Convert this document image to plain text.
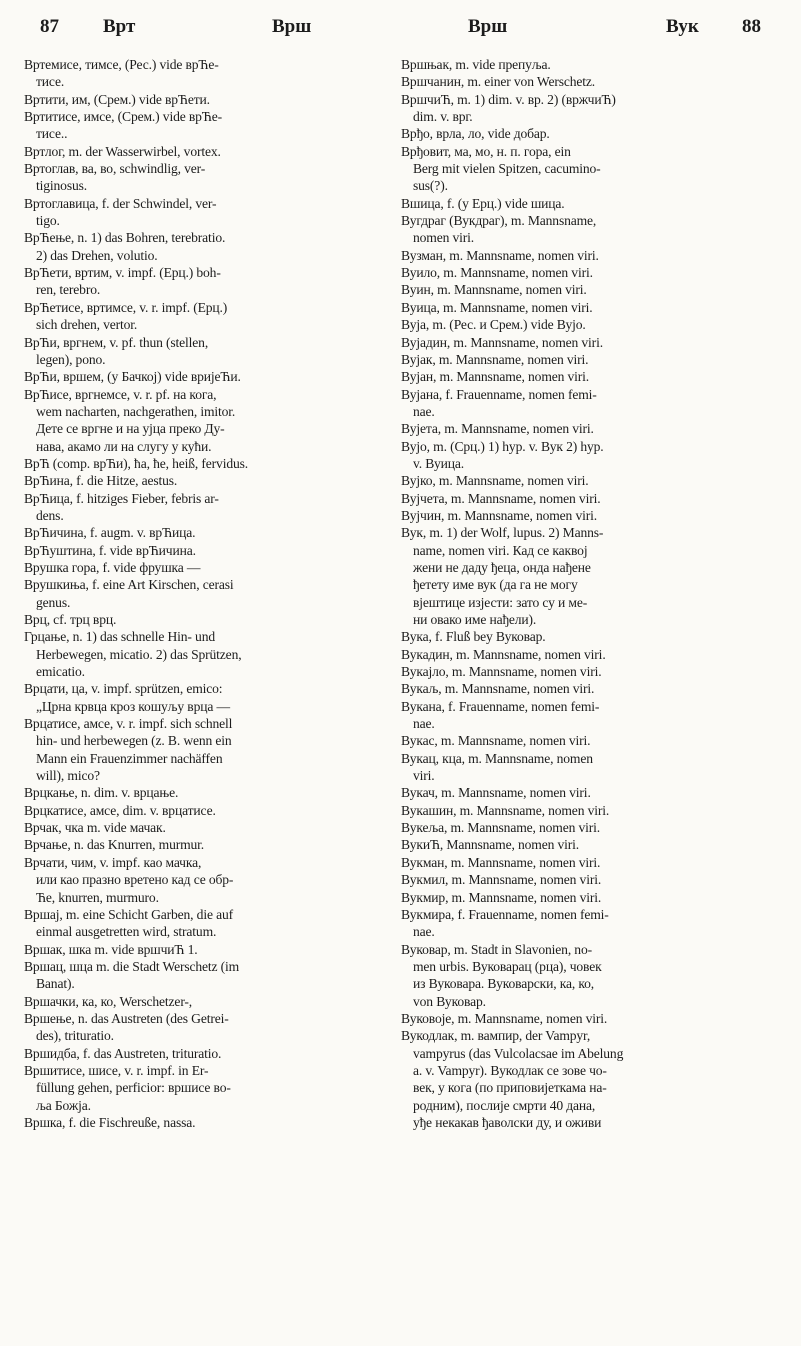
87 Врт	Врш	Врш	Вук 88
Вртемисе, тимсе, (Рес.) vide врЋе-
тисе.
Вртити, им, (Срем.) vide врЋети.
Вртитисе, имсе, (Срем.) vide врЋе-
тисе..
Вртлог, m. der Wasserwirbel, vortex.
Вртоглав, ва, во, schwindlig, ver-
tiginosus.
Вртоглавица, f. der Schwindel, ver-
tigo.
ВрЋење, n. 1) das Bohren, terebratio.
2) das Drehen, volutio.
ВрЋети, вртим, v. impf. (Ерц.) boh-
ren, terebro.
ВрЋетисе, вртимсе, v. r. impf. (Ерц.)
sich drehen, vertor.
ВрЋи, вргнем, v. pf. thun (stellen,
legen), pono.
ВрЋи, вршем, (у Бачкој) vide вријеЋи.
ВрЋисе, вргнемсе, v. r. pf. на кога,
wem nacharten, nachgerathen, imitor.
Дете се вргне и на ујца преко Ду-
нава, акамо ли на слугу у кући.
ВрЋ (comp. врЋи), ћа, ће, heiß, fervidus.
ВрЋина, f. die Hitze, aestus.
ВрЋица, f. hitziges Fieber, febris ar-
dens.
ВрЋичина, f. augm. v. врЋица.
ВрЋуштина, f. vide врЋичина.
Врушка гора, f. vide фрушка —
Врушкиња, f. eine Art Kirschen, cerasi
genus.
Врц, cf. трц врц.
Грцање, n. 1) das schnelle Hin- und
Herbewegen, micatio. 2) das Sprützen,
emicatio.
Врцати, ца, v. impf. sprützen, emico:
„Црна крвца кроз кошуљу врца —
Врцатисе, амсе, v. r. impf. sich schnell
hin- und herbewegen (z. B. wenn ein
Mann ein Frauenzimmer nachäffen
will), mico?
Врцкање, n. dim. v. врцање.
Врцкатисе, амсе, dim. v. врцатисе.
Врчак, чка m. vide мачак.
Врчање, n. das Knurren, murmur.
Врчати, чим, v. impf. као мачка,
или као празно вретено кад се обр-
Ћe, knurren, murmuro.
Вршај, m. eine Schicht Garben, die auf
einmal ausgetretten wird, stratum.
Вршак, шка m. vide вршчиЋ 1.
Вршац, шца m. die Stadt Werschetz (im
Banat).
Вршачки, ка, ко, Werschetzer-,
Вршење, n. das Austreten (des Getrei-
des), trituratio.
Вршидба, f. das Austreten, trituratio.
Вршитисе, шисе, v. r. impf. in Er-
füllung gehen, perficior: вршисе во-
ља Божја.
Вршка, f. die Fischreuße, nassa.
Вршњак, m. vide препуља.
Вршчанин, m. einer von Werschetz.
ВршчиЋ, m. 1) dim. v. вр. 2) (вржчиЋ)
dim. v. врг.
Врђо, врла, ло, vide добар.
Врђовит, ма, мо, н. п. гора, ein
Berg mit vielen Spitzen, cacumino-
sus(?).
Вшица, f. (у Ерц.) vide шица.
Вугдраг (Вукдраг), m. Mannsname,
nomen viri.
Вузман, m. Mannsname, nomen viri.
Вуило, m. Mannsname, nomen viri.
Вуин, m. Mannsname, nomen viri.
Вуица, m. Mannsname, nomen viri.
Вуја, m. (Рес. и Срем.) vide Вујо.
Вујадин, m. Mannsname, nomen viri.
Вујак, m. Mannsname, nomen viri.
Вујан, m. Mannsname, nomen viri.
Вујана, f. Frauenname, nomen femi-
nae.
Вујета, m. Mannsname, nomen viri.
Вујо, m. (Срц.) 1) hyp. v. Вук 2) hyp.
v. Вуица.
Вујко, m. Mannsname, nomen viri.
Вујчета, m. Mannsname, nomen viri.
Вујчин, m. Mannsname, nomen viri.
Вук, m. 1) der Wolf, lupus. 2) Manns-
name, nomen viri. Кад се каквој
жени не даду ђеца, онда нађене
ђетету име вук (да га не могу
вјештице изјести: зато су и ме-
ни овако име нађели).
Вука, f. Fluß bey Вуковар.
Вукадин, m. Mannsname, nomen viri.
Вукајло, m. Mannsname, nomen viri.
Вукаљ, m. Mannsname, nomen viri.
Вукана, f. Frauenname, nomen femi-
nae.
Вукас, m. Mannsname, nomen viri.
Вукац, кца, m. Mannsname, nomen
viri.
Вукач, m. Mannsname, nomen viri.
Вукашин, m. Mannsname, nomen viri.
Вукеља, m. Mannsname, nomen viri.
ВукиЋ, Mannsname, nomen viri.
Вукман, m. Mannsname, nomen viri.
Вукмил, m. Mannsname, nomen viri.
Вукмир, m. Mannsname, nomen viri.
Вукмира, f. Frauenname, nomen femi-
nae.
Вуковар, m. Stadt in Slavonien, no-
men urbis. Вуковарац (рца), човек
из Вуковара. Вуковарски, ка, ко,
von Вуковар.
Вуковоје, m. Mannsname, nomen viri.
Вукодлак, m. вампир, der Vampyr,
vampyrus (das Vulcolacsae im Abelung
a. v. Vampyr). Вукодлак се зове чо-
век, у кога (по приповијеткама на-
родним), послије смрти 40 дана,
уђе некакав ђаволски ду, и оживи
